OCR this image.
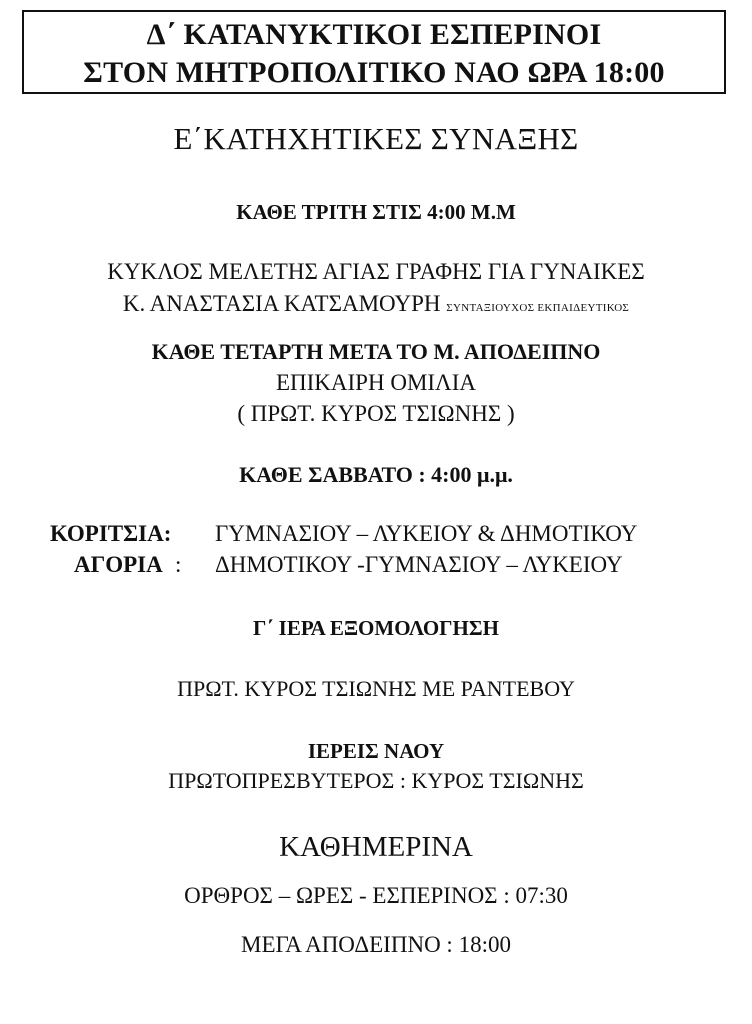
Δ΄ ΚΑΤΑΝΥΚΤΙΚΟΙ ΕΣΠΕΡΙΝΟΙ
ΣΤΟΝ ΜΗΤΡΟΠΟΛΙΤΙΚΟ ΝΑΟ ΩΡΑ 18:00
Ε΄ΚΑΤΗΧΗΤΙΚΕΣ ΣΥΝΑΞΗΣ
ΚΑΘΕ ΤΡΙΤΗ ΣΤΙΣ 4:00 Μ.Μ
ΚΥΚΛΟΣ ΜΕΛΕΤΗΣ ΑΓΙΑΣ ΓΡΑΦΗΣ ΓΙΑ ΓΥΝΑΙΚΕΣ
Κ. ΑΝΑΣΤΑΣΙΑ ΚΑΤΣΑΜΟΥΡΗ ΣΥΝΤΑΞΙΟΥΧΟΣ ΕΚΠΑΙΔΕΥΤΙΚΟΣ
ΚΑΘΕ ΤΕΤΑΡΤΗ ΜΕΤΑ ΤΟ Μ. ΑΠΟΔΕΙΠΝΟ
ΕΠΙΚΑΙΡΗ ΟΜΙΛΙΑ
( ΠΡΩΤ. ΚΥΡΟΣ ΤΣΙΩΝΗΣ )
ΚΑΘΕ ΣΑΒΒΑΤΟ : 4:00 μ.μ.
ΚΟΡΙΤΣΙΑ:	ΓΥΜΝΑΣΙΟΥ – ΛΥΚΕΙΟΥ & ΔΗΜΟΤΙΚΟΥ
ΑΓΟΡΙΑ : ΔΗΜΟΤΙΚΟΥ -ΓΥΜΝΑΣΙΟΥ – ΛΥΚΕΙΟΥ
Γ΄ ΙΕΡΑ ΕΞΟΜΟΛΟΓΗΣΗ
ΠΡΩΤ. ΚΥΡΟΣ ΤΣΙΩΝΗΣ ΜΕ ΡΑΝΤΕΒΟΥ
ΙΕΡΕΙΣ ΝΑΟΥ
ΠΡΩΤΟΠΡΕΣΒΥΤΕΡΟΣ : ΚΥΡΟΣ ΤΣΙΩΝΗΣ
ΚΑΘΗΜΕΡΙΝΑ
ΟΡΘΡΟΣ – ΩΡΕΣ - ΕΣΠΕΡΙΝΟΣ : 07:30
ΜΕΓΑ ΑΠΟΔΕΙΠΝΟ : 18:00
